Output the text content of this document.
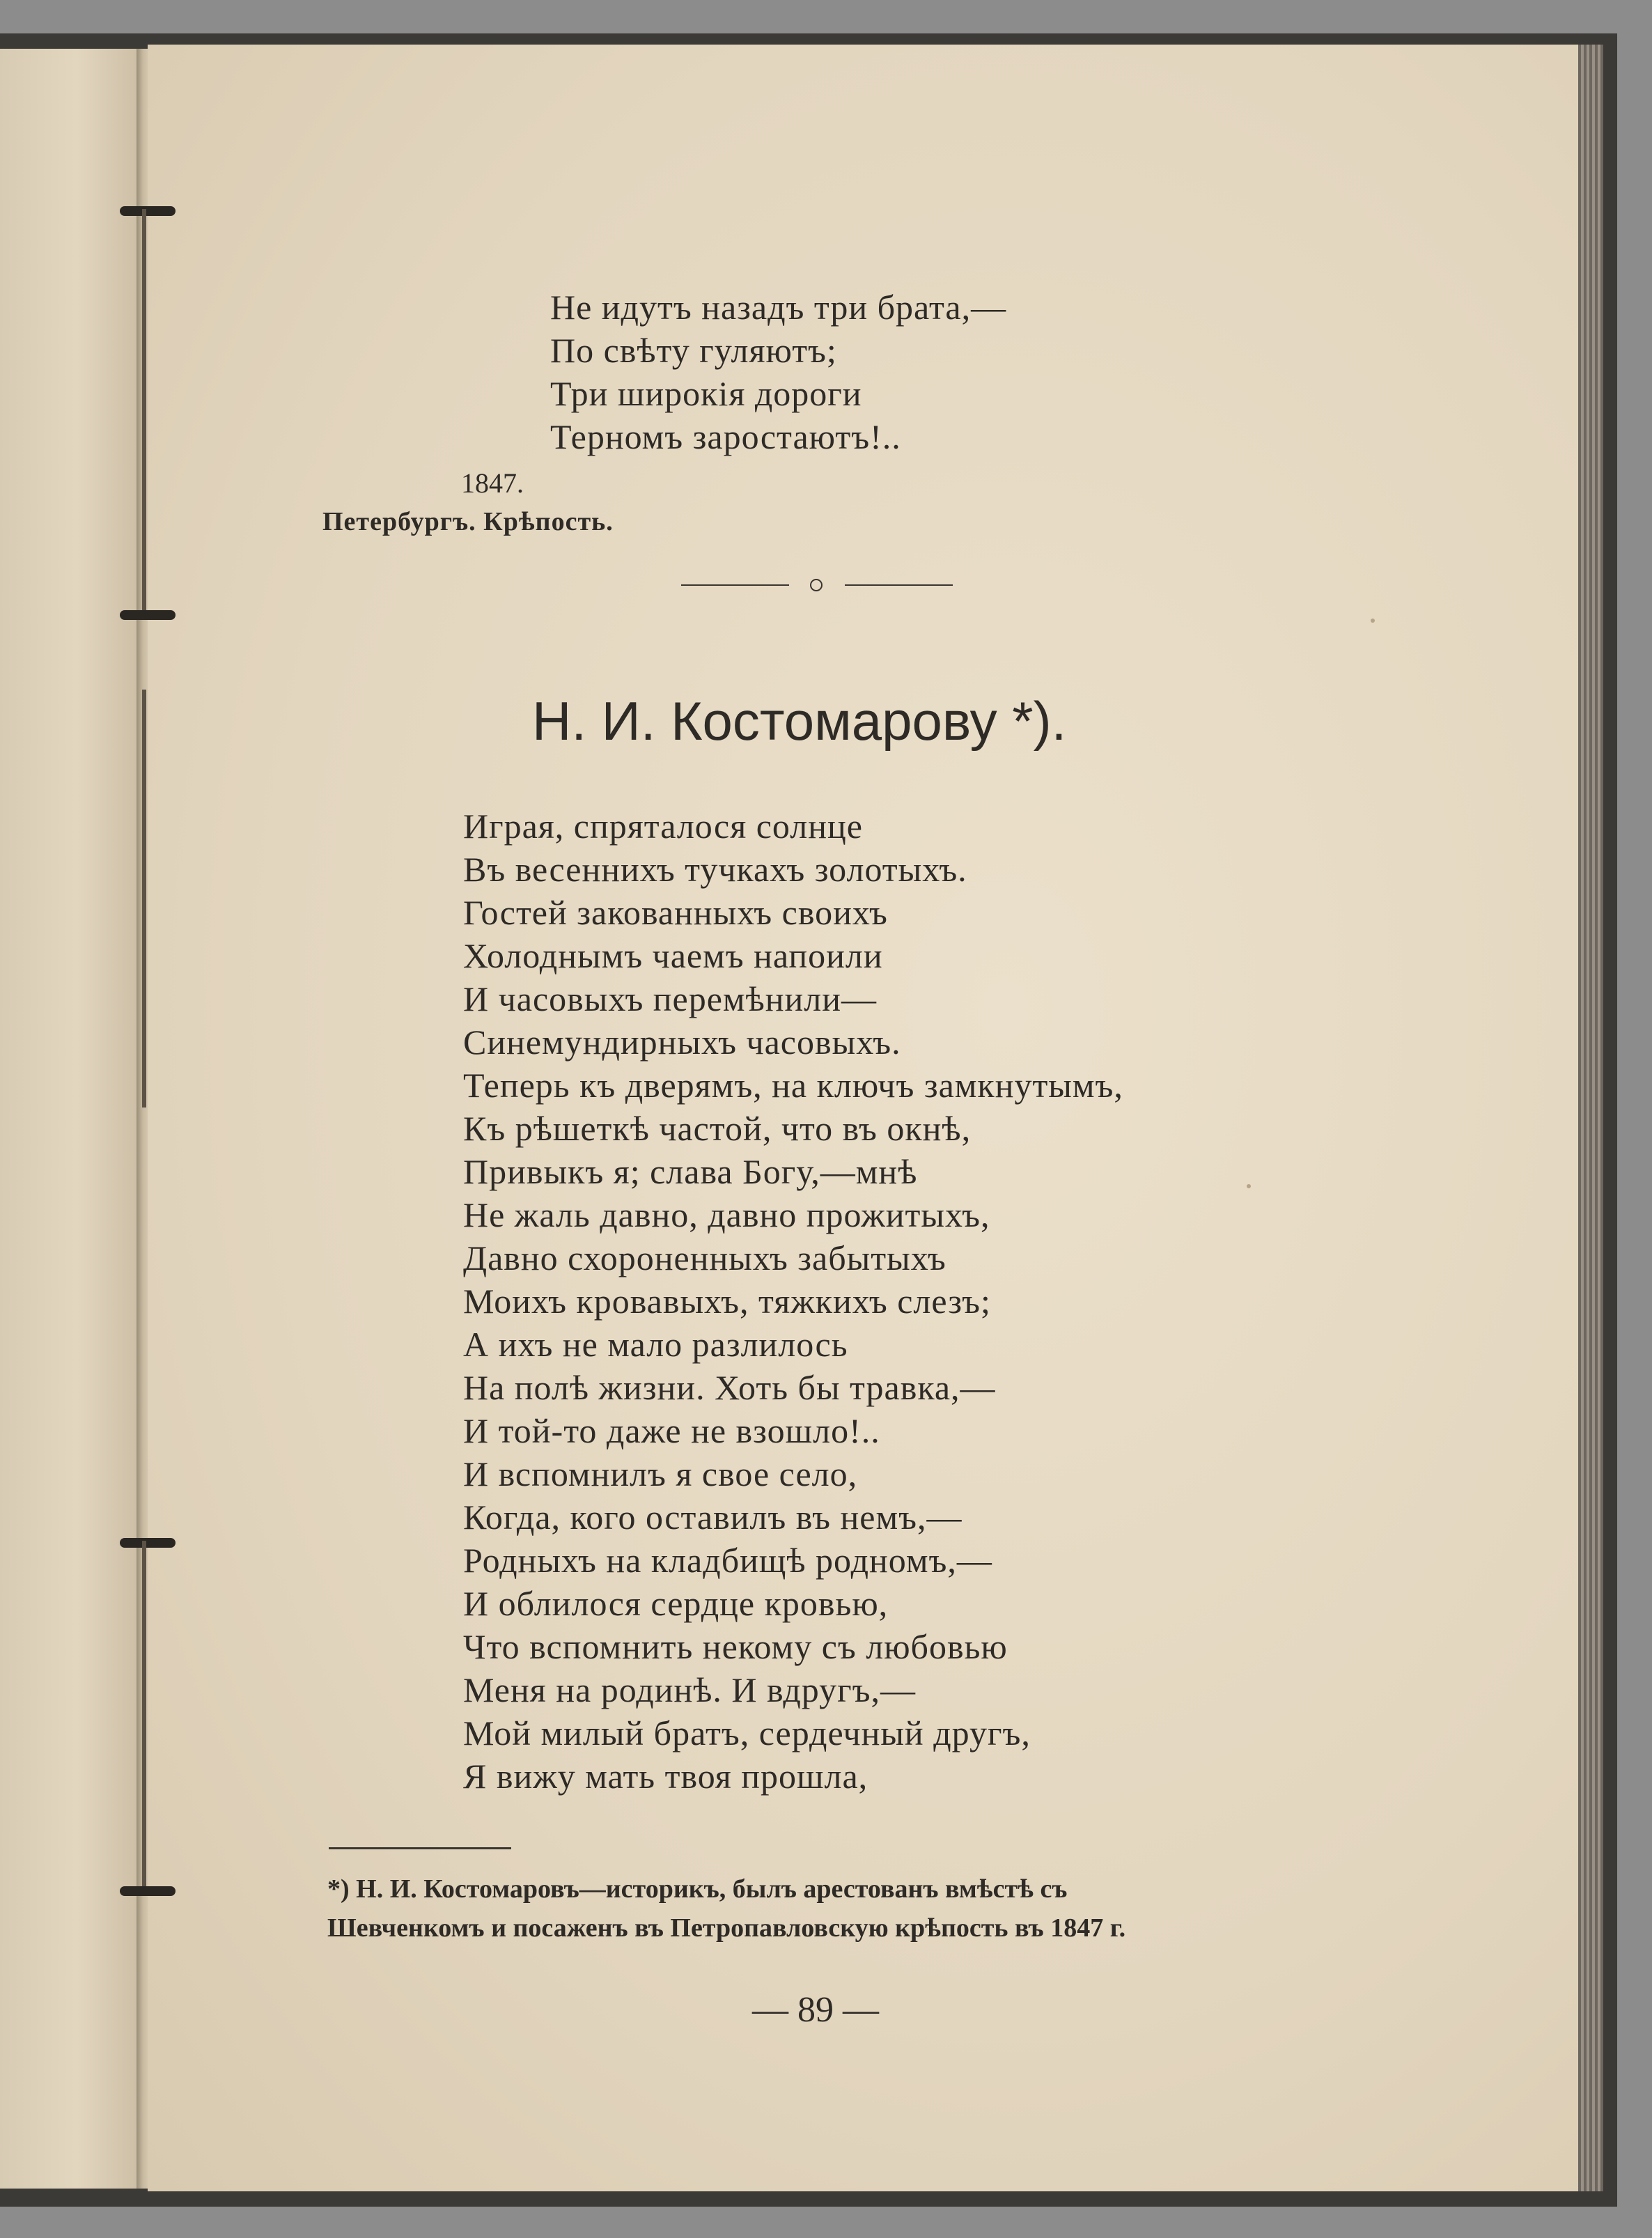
Не идутъ назадъ три брата,—
По свѣту гуляютъ;
Три широкія дороги
Терномъ заростаютъ!..
1847.
Петербургъ. Крѣпость.
Н. И. Костомарову *).
Играя, спряталося солнце
Въ весеннихъ тучкахъ золотыхъ.
Гостей закованныхъ своихъ
Холоднымъ чаемъ напоили
И часовыхъ перемѣнили—
Синемундирныхъ часовыхъ.
Теперь къ дверямъ, на ключъ замкнутымъ,
Къ рѣшеткѣ частой, что въ окнѣ,
Привыкъ я; слава Богу,—мнѣ
Не жаль давно, давно прожитыхъ,
Давно схороненныхъ забытыхъ
Моихъ кровавыхъ, тяжкихъ слезъ;
А ихъ не мало разлилось
На полѣ жизни. Хоть бы травка,—
И той-то даже не взошло!..
И вспомнилъ я свое село,
Когда, кого оставилъ въ немъ,—
Родныхъ на кладбищѣ родномъ,—
И облилося сердце кровью,
Что вспомнить некому съ любовью
Меня на родинѣ. И вдругъ,—
Мой милый братъ, сердечный другъ,
Я вижу мать твоя прошла,
*) Н. И. Костомаровъ—историкъ, былъ арестованъ вмѣстѣ съ
Шевченкомъ и посаженъ въ Петропавловскую крѣпость въ 1847 г.
— 89 —
